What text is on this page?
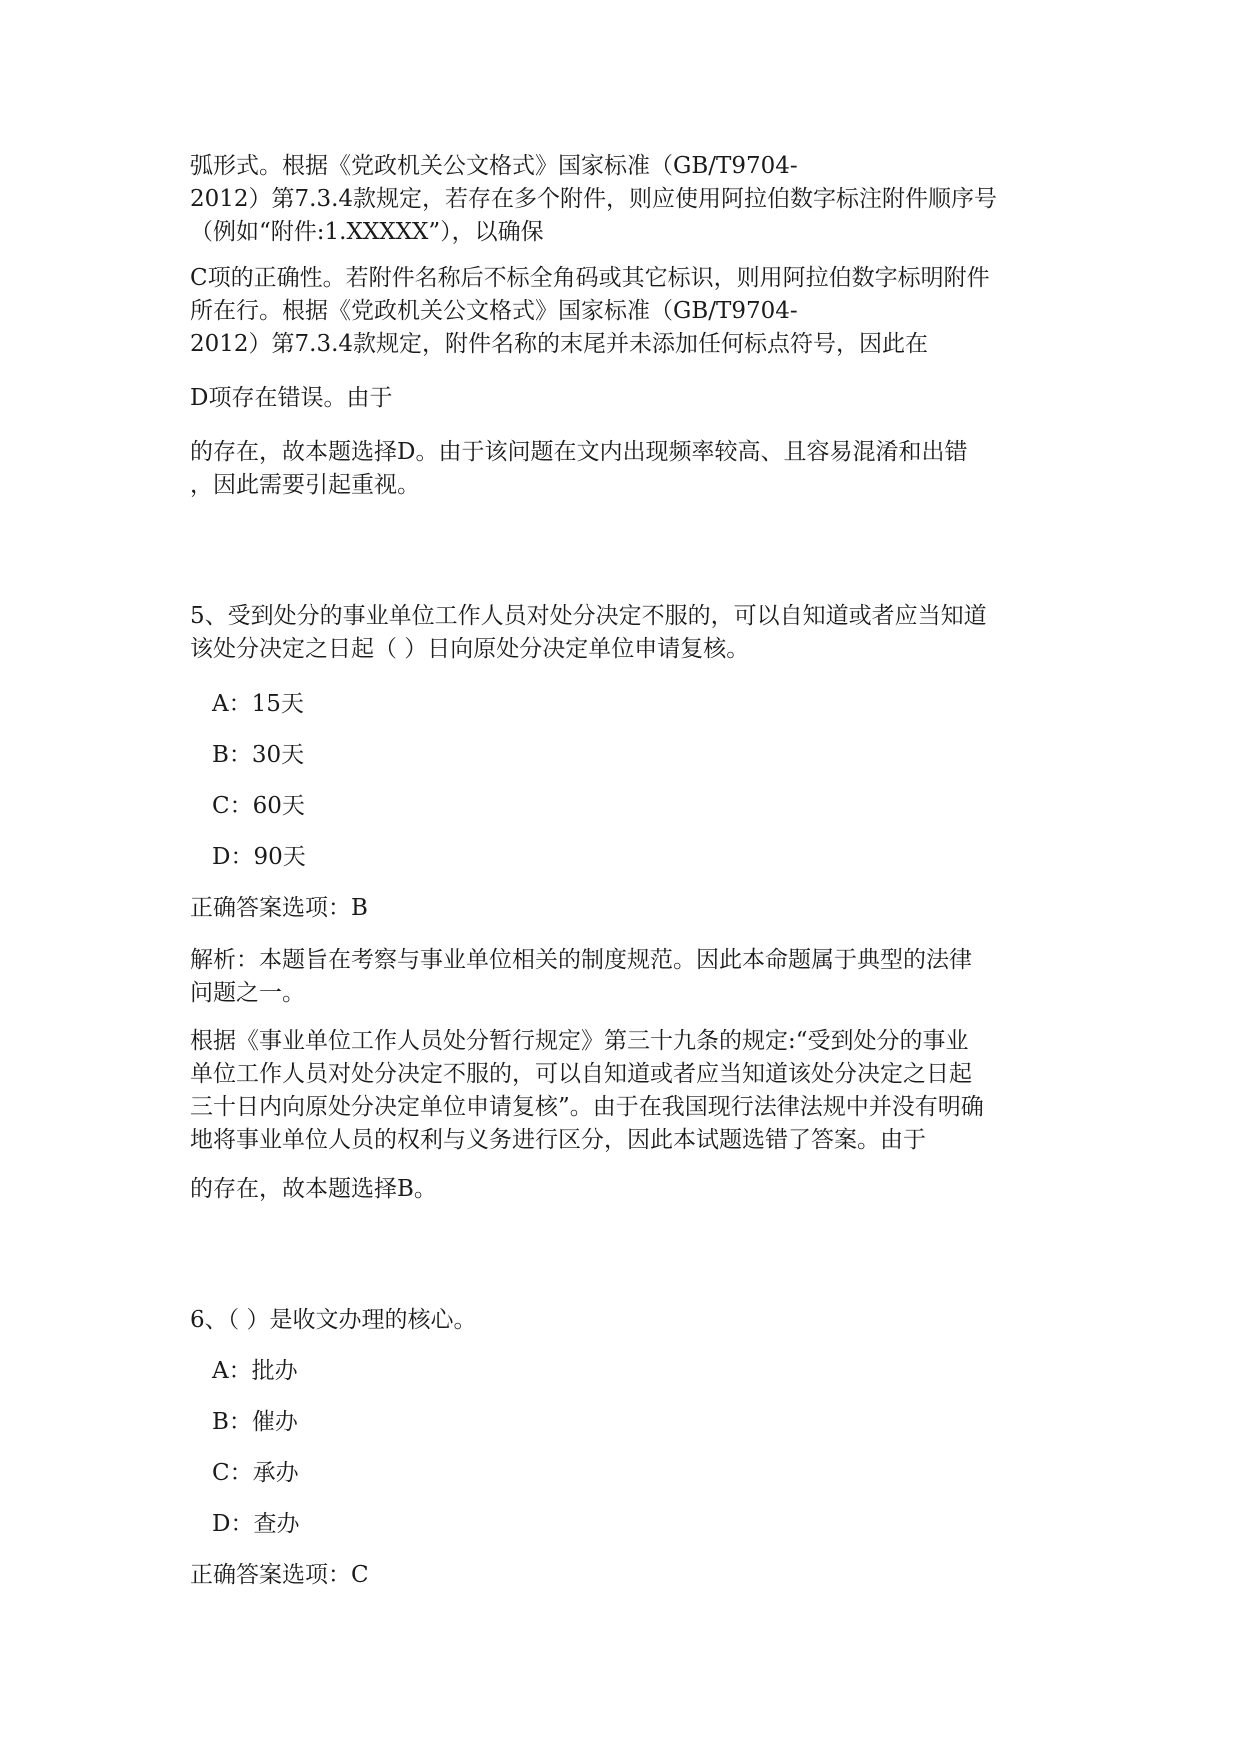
弧形式。根据《党政机关公文格式》国家标准（GB/T9704-
2012）第7.3.4款规定，若存在多个附件，则应使用阿拉伯数字标注附件顺序号
（例如“附件:1.XXXXX”），以确保
C项的正确性。若附件名称后不标全角码或其它标识，则用阿拉伯数字标明附件
所在行。根据《党政机关公文格式》国家标准（GB/T9704-
2012）第7.3.4款规定，附件名称的末尾并未添加任何标点符号，因此在
D项存在错误。由于
的存在，故本题选择D。由于该问题在文内出现频率较高、且容易混淆和出错
，因此需要引起重视。
5、受到处分的事业单位工作人员对处分决定不服的，可以自知道或者应当知道
该处分决定之日起（ ）日向原处分决定单位申请复核。
A：15天
B：30天
C：60天
D：90天
正确答案选项：B
解析：本题旨在考察与事业单位相关的制度规范。因此本命题属于典型的法律
问题之一。
根据《事业单位工作人员处分暂行规定》第三十九条的规定:“受到处分的事业
单位工作人员对处分决定不服的，可以自知道或者应当知道该处分决定之日起
三十日内向原处分决定单位申请复核”。由于在我国现行法律法规中并没有明确
地将事业单位人员的权利与义务进行区分，因此本试题选错了答案。由于
的存在，故本题选择B。
6、（ ）是收文办理的核心。
A：批办
B：催办
C：承办
D：查办
正确答案选项：C
